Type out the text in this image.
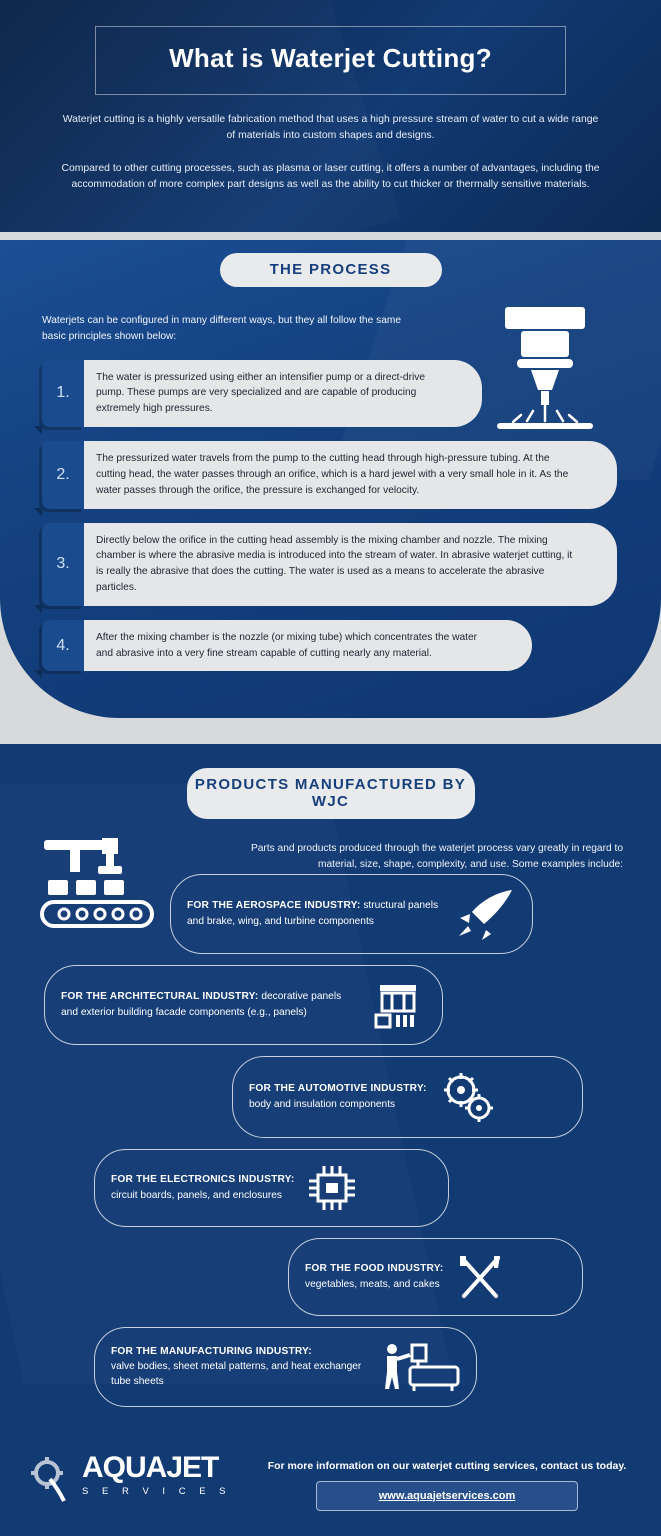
What is Waterjet Cutting?

Waterjet cutting is a highly versatile fabrication method that uses a high pressure stream of water to cut a wide range of materials into custom shapes and designs.

Compared to other cutting processes, such as plasma or laser cutting, it offers a number of advantages, including the accommodation of more complex part designs as well as the ability to cut thicker or thermally sensitive materials.

THE PROCESS
Waterjets can be configured in many different ways, but they all follow the same basic principles shown below:
1.
The water is pressurized using either an intensifier pump or a direct-drive pump. These pumps are very specialized and are capable of producing extremely high pressures.
2.
The pressurized water travels from the pump to the cutting head through high-pressure tubing. At the cutting head, the water passes through an orifice, which is a hard jewel with a very small hole in it. As the water passes through the orifice, the pressure is exchanged for velocity.
3.
Directly below the orifice in the cutting head assembly is the mixing chamber and nozzle. The mixing chamber is where the abrasive media is introduced into the stream of water. In abrasive waterjet cutting, it is really the abrasive that does the cutting. The water is used as a means to accelerate the abrasive particles.
4.	After the mixing chamber is the nozzle (or mixing tube) which concentrates the water and abrasive into a very fine stream capable of cutting nearly any material.
PRODUCTS MANUFACTURED BY WJC
Parts and products produced through the waterjet process vary greatly in regard to material, size, shape, complexity, and use. Some examples include:
FOR THE AEROSPACE INDUSTRY: structural panels and brake, wing, and turbine components
FOR THE ARCHITECTURAL INDUSTRY: decorative panels and exterior building facade components (e.g., panels)
FOR THE AUTOMOTIVE INDUSTRY:
body and insulation components
FOR THE ELECTRONICS INDUSTRY:
circuit boards, panels, and enclosures
FOR THE FOOD INDUSTRY:
vegetables, meats, and cakes
FOR THE MANUFACTURING INDUSTRY:
valve bodies, sheet metal patterns, and heat exchanger tube sheets
AQUAJET
S E R V I C E S
For more information on our waterjet cutting services, contact us today.
www.aquajetservices.com
